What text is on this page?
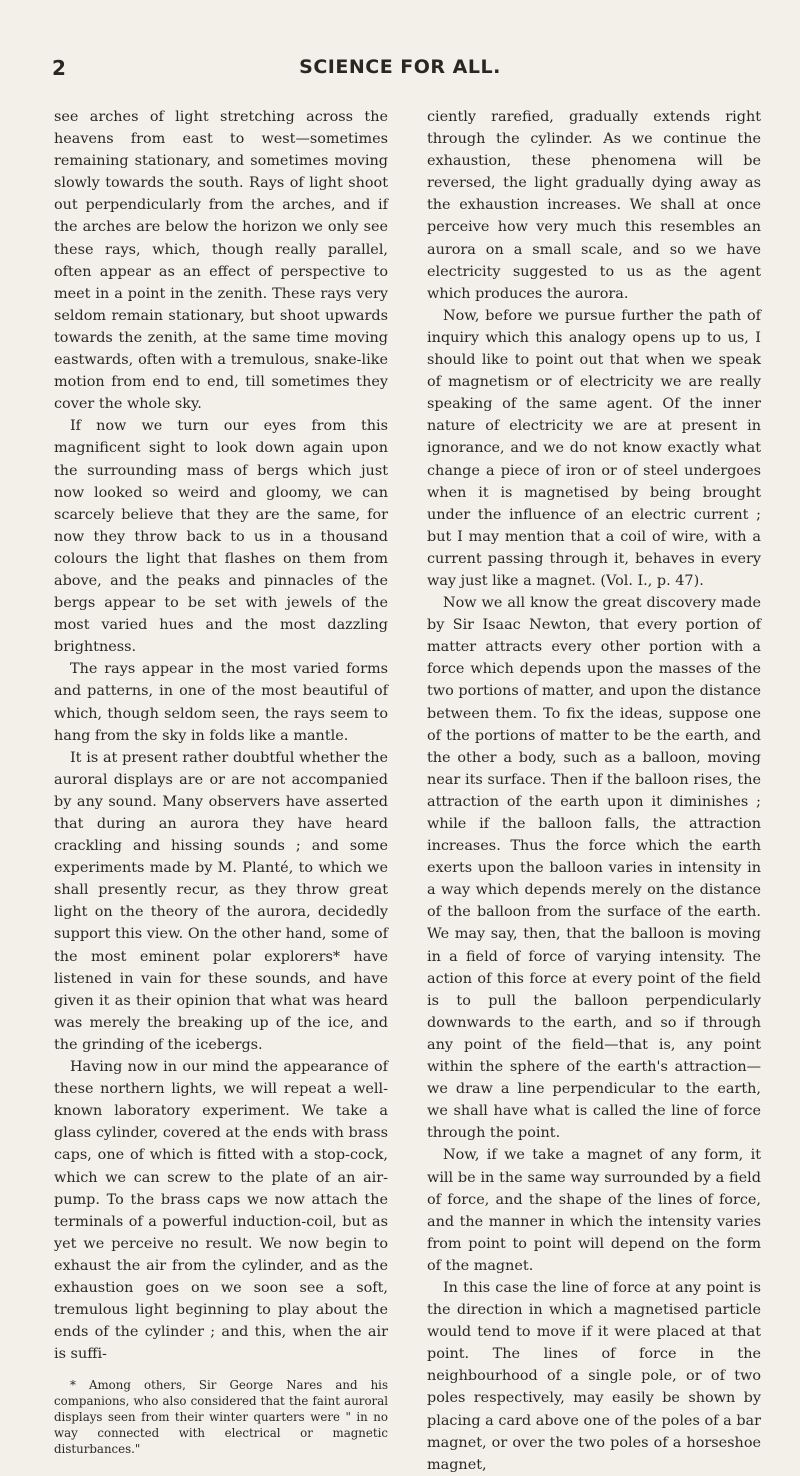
2	SCIENCE FOR ALL.

see arches of light stretching across the heavens from east to west—sometimes remaining stationary, and sometimes moving slowly towards the south. Rays of light shoot out perpendicularly from the arches, and if the arches are below the horizon we only see these rays, which, though really parallel, often appear as an effect of perspective to meet in a point in the zenith. These rays very seldom remain stationary, but shoot upwards towards the zenith, at the same time moving eastwards, often with a tremulous, snake-like motion from end to end, till sometimes they cover the whole sky.

If now we turn our eyes from this magnificent sight to look down again upon the surrounding mass of bergs which just now looked so weird and gloomy, we can scarcely believe that they are the same, for now they throw back to us in a thousand colours the light that flashes on them from above, and the peaks and pinnacles of the bergs appear to be set with jewels of the most varied hues and the most dazzling brightness.

The rays appear in the most varied forms and patterns, in one of the most beautiful of which, though seldom seen, the rays seem to hang from the sky in folds like a mantle.

It is at present rather doubtful whether the auroral displays are or are not accompanied by any sound. Many observers have asserted that during an aurora they have heard crackling and hissing sounds ; and some experiments made by M. Planté, to which we shall presently recur, as they throw great light on the theory of the aurora, decidedly support this view. On the other hand, some of the most eminent polar explorers* have listened in vain for these sounds, and have given it as their opinion that what was heard was merely the breaking up of the ice, and the grinding of the icebergs.

Having now in our mind the appearance of these northern lights, we will repeat a well-known laboratory experiment. We take a glass cylinder, covered at the ends with brass caps, one of which is fitted with a stop-cock, which we can screw to the plate of an air-pump. To the brass caps we now attach the terminals of a powerful induction-coil, but as yet we perceive no result. We now begin to exhaust the air from the cylinder, and as the exhaustion goes on we soon see a soft, tremulous light beginning to play about the ends of the cylinder ; and this, when the air is suffi-

* Among others, Sir George Nares and his companions, who also considered that the faint auroral displays seen from their winter quarters were " in no way connected with electrical or magnetic disturbances."

ciently rarefied, gradually extends right through the cylinder. As we continue the exhaustion, these phenomena will be reversed, the light gradually dying away as the exhaustion increases. We shall at once perceive how very much this resembles an aurora on a small scale, and so we have electricity suggested to us as the agent which produces the aurora.

Now, before we pursue further the path of inquiry which this analogy opens up to us, I should like to point out that when we speak of magnetism or of electricity we are really speaking of the same agent. Of the inner nature of electricity we are at present in ignorance, and we do not know exactly what change a piece of iron or of steel undergoes when it is magnetised by being brought under the influence of an electric current ; but I may mention that a coil of wire, with a current passing through it, behaves in every way just like a magnet. (Vol. I., p. 47).

Now we all know the great discovery made by Sir Isaac Newton, that every portion of matter attracts every other portion with a force which depends upon the masses of the two portions of matter, and upon the distance between them. To fix the ideas, suppose one of the portions of matter to be the earth, and the other a body, such as a balloon, moving near its surface. Then if the balloon rises, the attraction of the earth upon it diminishes ; while if the balloon falls, the attraction increases. Thus the force which the earth exerts upon the balloon varies in intensity in a way which depends merely on the distance of the balloon from the surface of the earth. We may say, then, that the balloon is moving in a field of force of varying intensity. The action of this force at every point of the field is to pull the balloon perpendicularly downwards to the earth, and so if through any point of the field—that is, any point within the sphere of the earth's attraction—we draw a line perpendicular to the earth, we shall have what is called the line of force through the point.

Now, if we take a magnet of any form, it will be in the same way surrounded by a field of force, and the shape of the lines of force, and the manner in which the intensity varies from point to point will depend on the form of the magnet.

In this case the line of force at any point is the direction in which a magnetised particle would tend to move if it were placed at that point. The lines of force in the neighbourhood of a single pole, or of two poles respectively, may easily be shown by placing a card above one of the poles of a bar magnet, or over the two poles of a horseshoe magnet,
